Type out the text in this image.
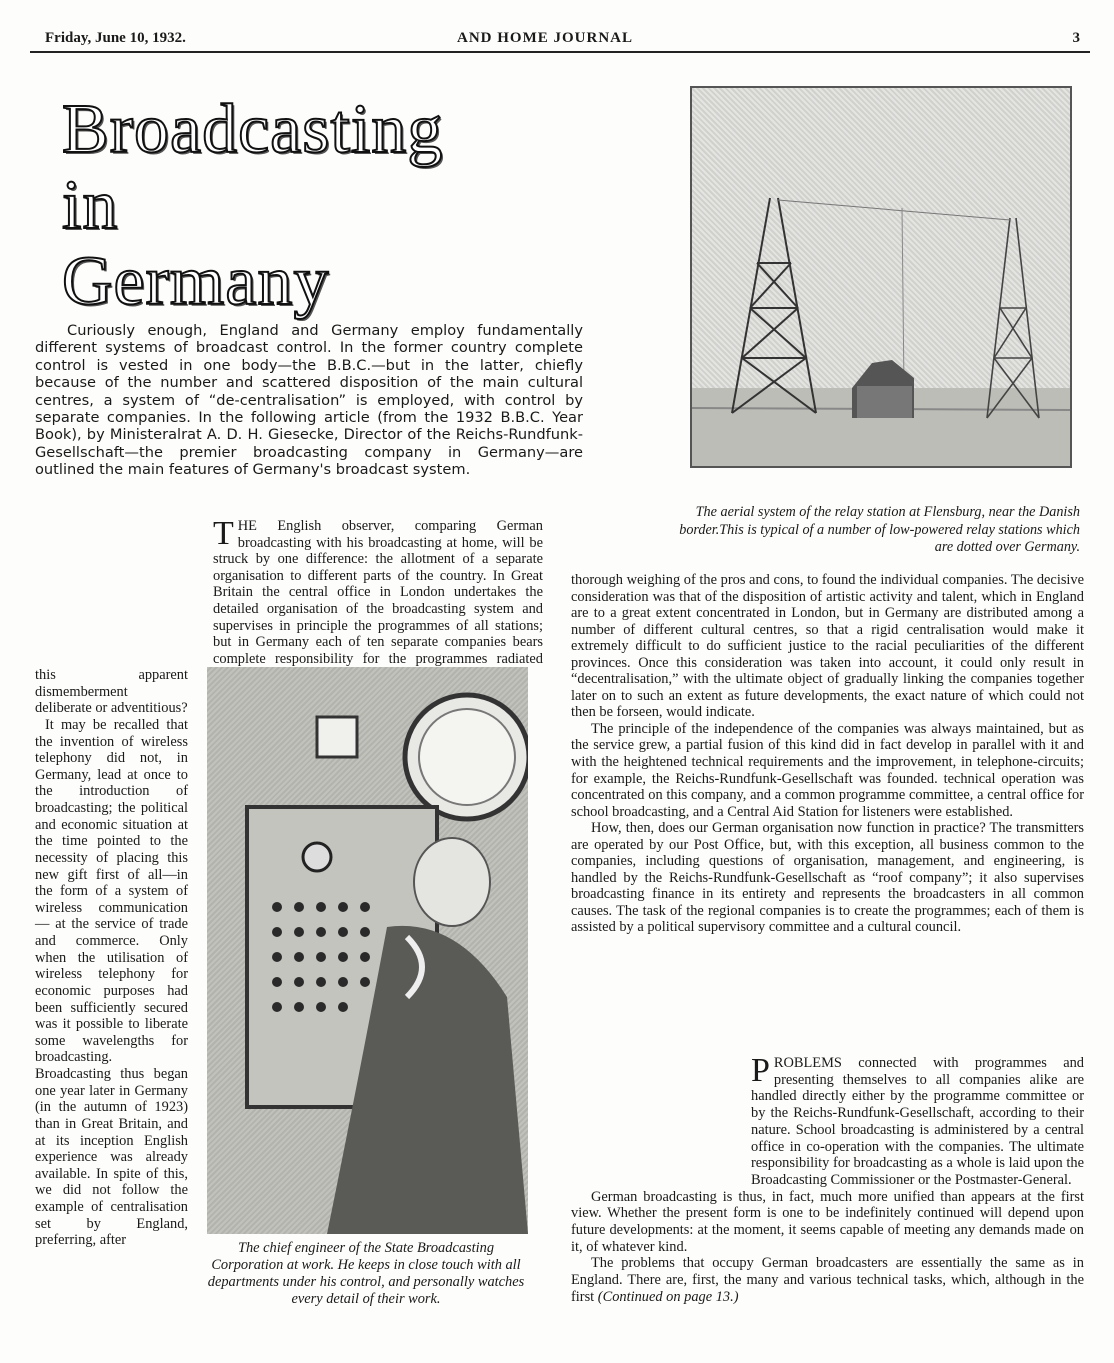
Friday, June 10, 1932.	AND HOME JOURNAL	3
Broadcasting
in
Germany
Curiously enough, England and Germany employ fundamentally different systems of broadcast control. In the former country complete control is vested in one body—the B.B.C.—but in the latter, chiefly because of the number and scattered disposition of the main cultural centres, a system of “de-centralisation” is employed, with control by separate companies. In the following article (from the 1932 B.B.C. Year Book), by Ministeralrat A. D. H. Giesecke, Director of the Reichs-Rundfunk-Gesellschaft—the premier broadcasting company in Germany—are outlined the main features of Germany's broadcast system.
The aerial system of the relay station at Flensburg, near the Danish border.This is typical of a number of low-powered relay stations which are dotted over Germany.

THE English observer, comparing German broadcasting with his broadcasting at home, will be struck by one difference: the allotment of a separate organisation to different parts of the country. In Great Britain the central office in London undertakes the detailed organisation of the broadcasting system and supervises in principle the programmes of all stations; but in Germany each of ten separate companies bears complete responsibility for the programmes radiated

this apparent dismemberment deliberate or adventitious?

It may be recalled that the invention of wireless telephony did not, in Germany, lead at once to the introduction of broadcasting; the political and economic situation at the time pointed to the necessity of placing this new gift first of all—in the form of a system of wireless communication — at the service of trade and commerce. Only when the utilisation of wireless telephony for economic purposes had been sufficiently secured was it possible to liberate some wavelengths for broadcasting. Broadcasting thus began one year later in Germany (in the autumn of 1923) than in Great Britain, and at its inception English experience was already available. In spite of this, we did not follow the example of centralisation set by England, preferring, after	The chief engineer of the State Broadcasting Corporation at work. He keeps in close touch with all departments under his control, and personally watches every detail of their work.

thorough weighing of the pros and cons, to found the individual companies. The decisive consideration was that of the disposition of artistic activity and talent, which in England are to a great extent concentrated in London, but in Germany are distributed among a number of different cultural centres, so that a rigid centralisation would make it extremely difficult to do sufficient justice to the racial peculiarities of the different provinces. Once this consideration was taken into account, it could only result in “decentralisation,” with the ultimate object of gradually linking the companies together later on to such an extent as future developments, the exact nature of which could not then be forseen, would indicate.

The principle of the independence of the companies was always maintained, but as the service grew, a partial fusion of this kind did in fact develop in parallel with it and with the heightened technical requirements and the improvement, in telephone-circuits; for example, the Reichs-Rundfunk-Gesellschaft was founded. technical operation was concentrated on this company, and a common programme committee, a central office for school broadcasting, and a Central Aid Station for listeners were established.

How, then, does our German organisation now function in practice? The transmitters are operated by our Post Office, but, with this exception, all business common to the companies, including questions of organisation, management, and engineering, is handled by the Reichs-Rundfunk-Gesellschaft as “roof company”; it also supervises broadcasting finance in its entirety and represents the broadcasters in all common causes. The task of the regional companies is to create the programmes; each of them is assisted by a political supervisory committee and a cultural council.

PROBLEMS connected with programmes and presenting themselves to all companies alike are handled directly either by the programme committee or by the Reichs-Rundfunk-Gesellschaft, according to their nature. School broadcasting is administered by a central office in co-operation with the companies. The ultimate responsibility for broadcasting as a whole is laid upon the Broadcasting Commissioner or the Postmaster-General.

German broadcasting is thus, in fact, much more unified than appears at the first view. Whether the present form is one to be indefinitely continued will depend upon future developments: at the moment, it seems capable of meeting any demands made on it, of whatever kind.

The problems that occupy German broadcasters are essentially the same as in England. There are, first, the many and various technical tasks, which, although in the first (Continued on page 13.)
